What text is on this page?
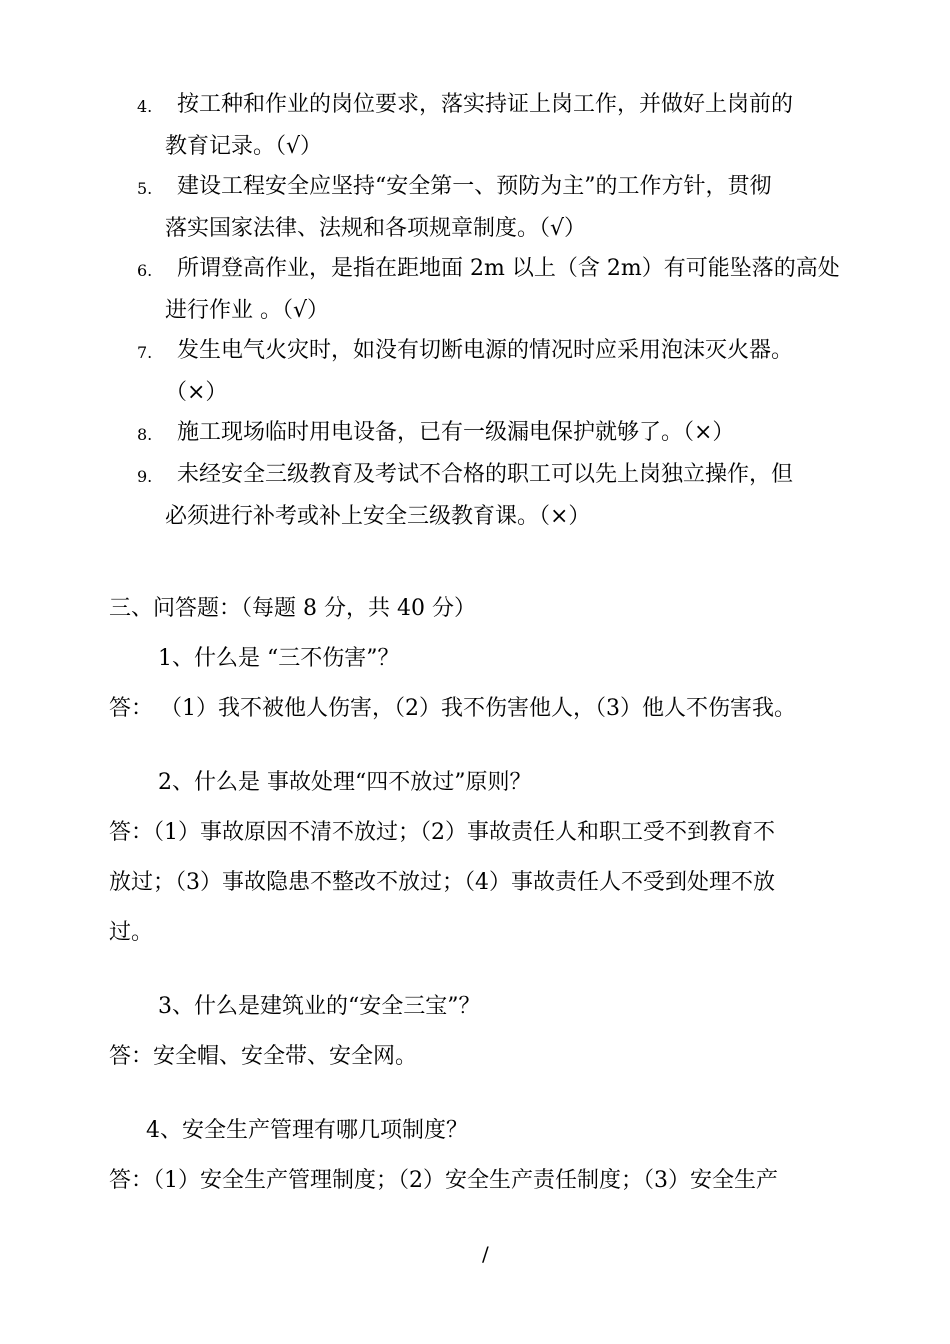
4. 按工种和作业的岗位要求，落实持证上岗工作，并做好上岗前的
教育记录。（√）
5. 建设工程安全应坚持“安全第一、预防为主”的工作方针，贯彻
落实国家法律、法规和各项规章制度。（√）
6. 所谓登高作业，是指在距地面 2m 以上（含 2m）有可能坠落的高处
进行作业 。（√）
7. 发生电气火灾时，如没有切断电源的情况时应采用泡沫灭火器。
（×）
8. 施工现场临时用电设备，已有一级漏电保护就够了。（×）
9. 未经安全三级教育及考试不合格的职工可以先上岗独立操作，但
必须进行补考或补上安全三级教育课。（×）
三、问答题：（每题 8 分，共 40 分）
1、什么是 “三不伤害”？
答： （1）我不被他人伤害，（2）我不伤害他人，（3）他人不伤害我。
2、什么是 事故处理“四不放过”原则？
答：（1）事故原因不清不放过；（2）事故责任人和职工受不到教育不
放过；（3）事故隐患不整改不放过；（4）事故责任人不受到处理不放
过。
3、什么是建筑业的“安全三宝”？
答：安全帽、安全带、安全网。
4、安全生产管理有哪几项制度？
答：（1）安全生产管理制度；（2）安全生产责任制度；（3）安全生产
/
